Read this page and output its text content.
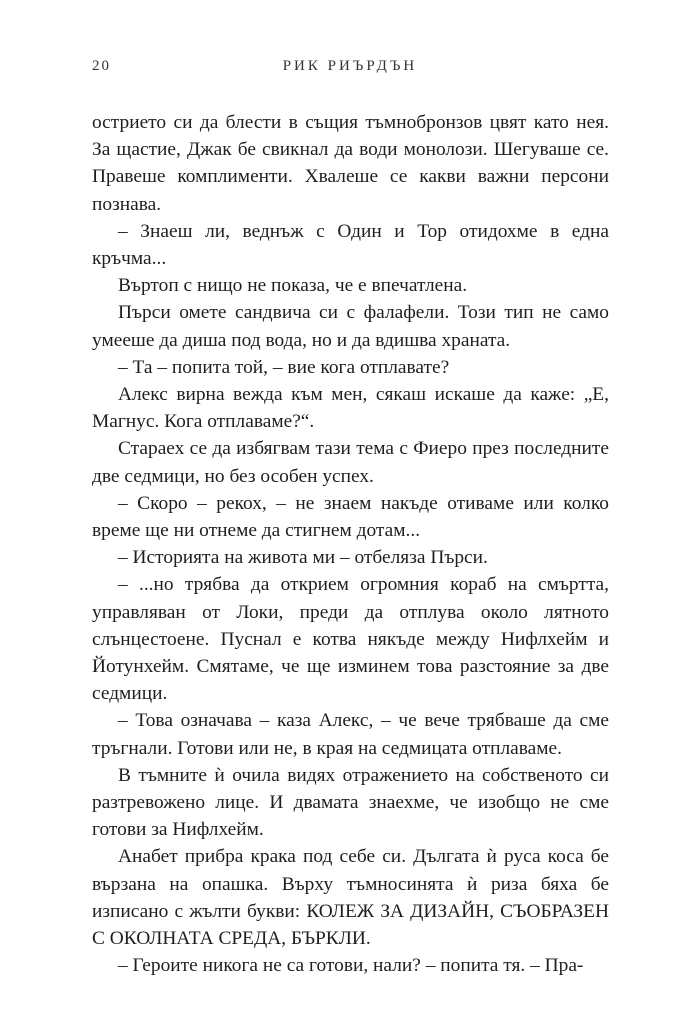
20	РИК РИЪРДЪН

острието си да блести в същия тъмнобронзов цвят като нея. За щастие, Джак бе свикнал да води монолози. Шегуваше се. Правеше комплименти. Хвалеше се какви важни персони познава.

– Знаеш ли, веднъж с Один и Тор отидохме в една кръчма...

Въртоп с нищо не показа, че е впечатлена.

Пърси омете сандвича си с фалафели. Този тип не само умееше да диша под вода, но и да вдишва храната.

– Та – попита той, – вие кога отплавате?

Алекс вирна вежда към мен, сякаш искаше да каже: „Е, Магнус. Кога отплаваме?“.

Стараех се да избягвам тази тема с Фиеро през последните две седмици, но без особен успех.

– Скоро – рекох, – не знаем накъде отиваме или колко време ще ни отнеме да стигнем дотам...

– Историята на живота ми – отбеляза Пърси.

– ...но трябва да открием огромния кораб на смъртта, управляван от Локи, преди да отплува около лятното слънцестоене. Пуснал е котва някъде между Нифлхейм и Йотунхейм. Смятаме, че ще изминем това разстояние за две седмици.

– Това означава – каза Алекс, – че вече трябваше да сме тръгнали. Готови или не, в края на седмицата отплаваме.

В тъмните ѝ очила видях отражението на собственото си разтревожено лице. И двамата знаехме, че изобщо не сме готови за Нифлхейм.

Анабет прибра крака под себе си. Дългата ѝ руса коса бе вързана на опашка. Върху тъмносинята ѝ риза бяха бе изписано с жълти букви: КОЛЕЖ ЗА ДИЗАЙН, СЪОБРАЗЕН С ОКОЛНАТА СРЕДА, БЪРКЛИ.

– Героите никога не са готови, нали? – попита тя. – Пра-
